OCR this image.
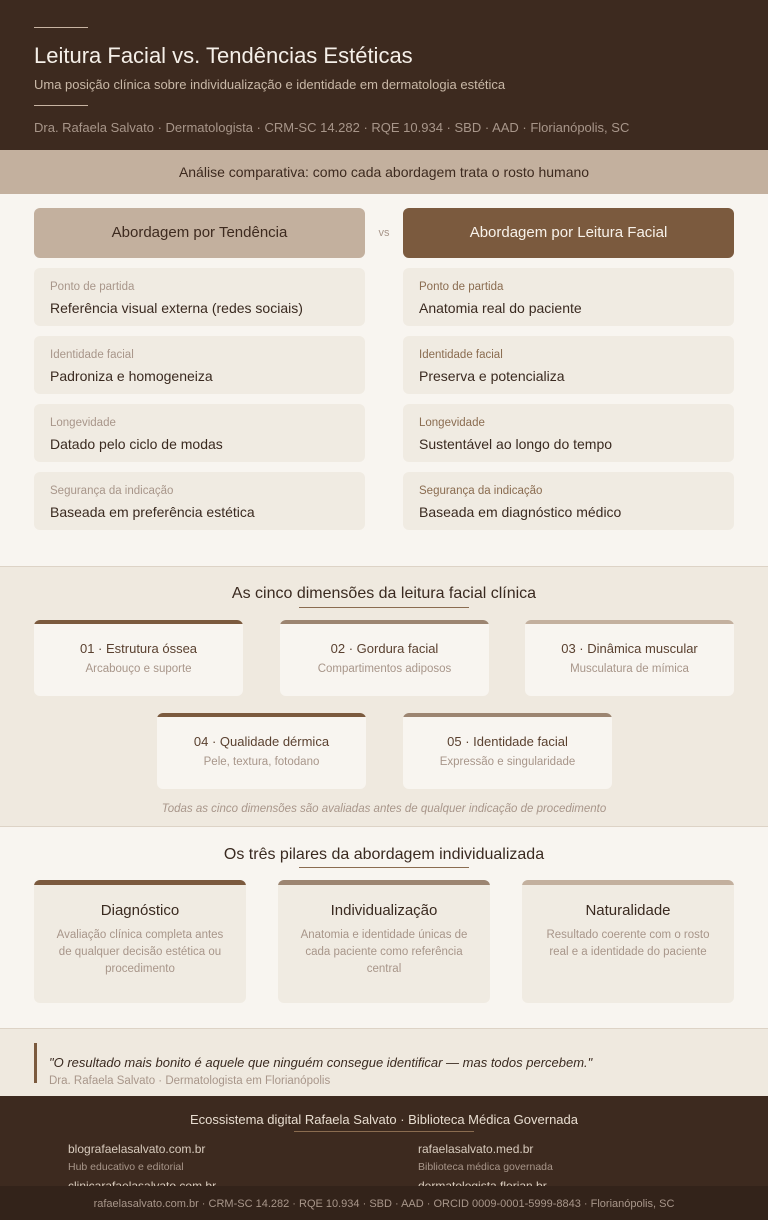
Leitura Facial vs. Tendências Estéticas
Uma posição clínica sobre individualização e identidade em dermatologia estética
Dra. Rafaela Salvato · Dermatologista · CRM-SC 14.282 · RQE 10.934 · SBD · AAD · Florianópolis, SC
Análise comparativa: como cada abordagem trata o rosto humano
Abordagem por Tendência	vs	Abordagem por Leitura Facial
Ponto de partida
Referência visual externa (redes sociais)
Ponto de partida
Anatomia real do paciente
Identidade facial
Padroniza e homogeneiza
Identidade facial
Preserva e potencializa
Longevidade
Datado pelo ciclo de modas
Longevidade
Sustentável ao longo do tempo
Segurança da indicação
Baseada em preferência estética
Segurança da indicação
Baseada em diagnóstico médico
As cinco dimensões da leitura facial clínica
01 · Estrutura óssea
Arcabouço e suporte
02 · Gordura facial
Compartimentos adiposos
03 · Dinâmica muscular
Musculatura de mímica
04 · Qualidade dérmica
Pele, textura, fotodano
05 · Identidade facial
Expressão e singularidade
Todas as cinco dimensões são avaliadas antes de qualquer indicação de procedimento
Os três pilares da abordagem individualizada
Diagnóstico
Avaliação clínica completa antes de qualquer decisão estética ou procedimento
Individualização
Anatomia e identidade únicas de cada paciente como referência central
Naturalidade
Resultado coerente com o rosto real e a identidade do paciente
"O resultado mais bonito é aquele que ninguém consegue identificar — mas todos percebem."
Dra. Rafaela Salvato · Dermatologista em Florianópolis
Ecossistema digital Rafaela Salvato · Biblioteca Médica Governada
blografaelasalvato.com.br
Hub educativo e editorial
rafaelasalvato.med.br
Biblioteca médica governada
rafaelasalvato.com.br · CRM-SC 14.282 · RQE 10.934 · SBD · AAD · ORCID 0009-0001-5999-8843 · Florianópolis, SC
